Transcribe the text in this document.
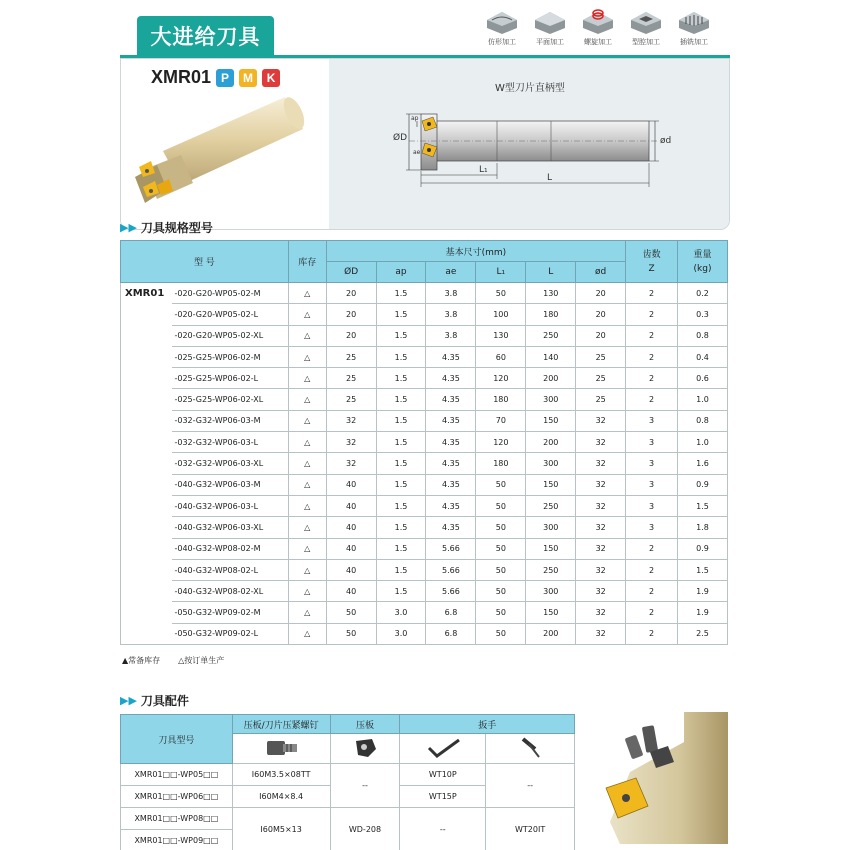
大进给刀具	仿形加工	平面加工	螺旋加工	型腔加工	插铣加工
XMR01 P	M	K
W型刀片直柄型
ØD
ap
ae
L₁
L
ød
▶▶ 刀具规格型号
型 号		库存	基本尺寸(mm)						齿数
Z	重量
(kg)
			ØD	ap	ae	L₁	L	ød		
XMR01	-020-G20-WP05-02-M	△	20	1.5	3.8	50	130	20	2	0.2
	-020-G20-WP05-02-L	△	20	1.5	3.8	100	180	20	2	0.3
	-020-G20-WP05-02-XL	△	20	1.5	3.8	130	250	20	2	0.8
	-025-G25-WP06-02-M	△	25	1.5	4.35	60	140	25	2	0.4
	-025-G25-WP06-02-L	△	25	1.5	4.35	120	200	25	2	0.6
	-025-G25-WP06-02-XL	△	25	1.5	4.35	180	300	25	2	1.0
	-032-G32-WP06-03-M	△	32	1.5	4.35	70	150	32	3	0.8
	-032-G32-WP06-03-L	△	32	1.5	4.35	120	200	32	3	1.0
	-032-G32-WP06-03-XL	△	32	1.5	4.35	180	300	32	3	1.6
	-040-G32-WP06-03-M	△	40	1.5	4.35	50	150	32	3	0.9
	-040-G32-WP06-03-L	△	40	1.5	4.35	50	250	32	3	1.5
	-040-G32-WP06-03-XL	△	40	1.5	4.35	50	300	32	3	1.8
	-040-G32-WP08-02-M	△	40	1.5	5.66	50	150	32	2	0.9
	-040-G32-WP08-02-L	△	40	1.5	5.66	50	250	32	2	1.5
	-040-G32-WP08-02-XL	△	40	1.5	5.66	50	300	32	2	1.9
	-050-G32-WP09-02-M	△	50	3.0	6.8	50	150	32	2	1.9
	-050-G32-WP09-02-L	△	50	3.0	6.8	50	200	32	2	2.5
▲常备库存 △按订单生产
▶▶ 刀具配件
刀具型号	压板/刀片压紧螺钉	压板	扳手	

XMR01□□-WP05□□	I60M3.5×08TT	--	WT10P	--
XMR01□□-WP06□□	I60M4×8.4		WT15P	
XMR01□□-WP08□□	I60M5×13	WD-208	--	WT20IT
XMR01□□-WP09□□				
